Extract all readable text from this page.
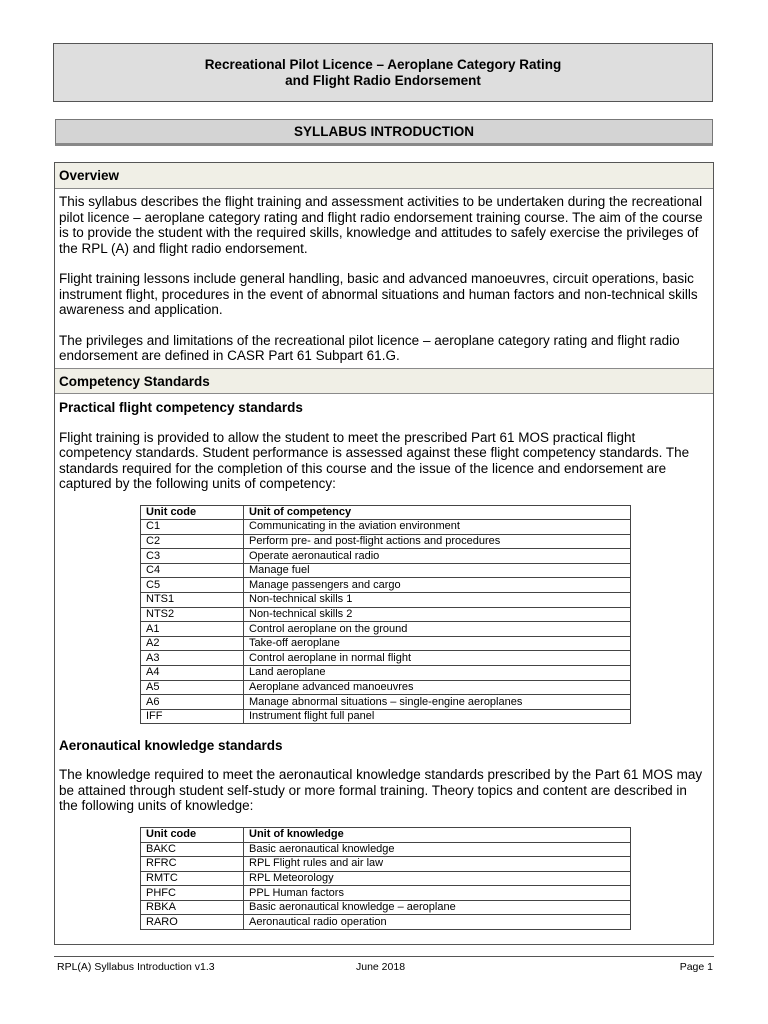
Recreational Pilot Licence – Aeroplane Category Rating
and Flight Radio Endorsement
SYLLABUS INTRODUCTION
Overview

This syllabus describes the flight training and assessment activities to be undertaken during the recreational pilot licence – aeroplane category rating and flight radio endorsement training course. The aim of the course is to provide the student with the required skills, knowledge and attitudes to safely exercise the privileges of the RPL (A) and flight radio endorsement.

Flight training lessons include general handling, basic and advanced manoeuvres, circuit operations, basic instrument flight, procedures in the event of abnormal situations and human factors and non-technical skills awareness and application.

The privileges and limitations of the recreational pilot licence – aeroplane category rating and flight radio endorsement are defined in CASR Part 61 Subpart 61.G.

Competency Standards

Practical flight competency standards

Flight training is provided to allow the student to meet the prescribed Part 61 MOS practical flight competency standards. Student performance is assessed against these flight competency standards. The standards required for the completion of this course and the issue of the licence and endorsement are captured by the following units of competency:

Unit code	Unit of competency
C1	Communicating in the aviation environment
C2	Perform pre- and post-flight actions and procedures
C3	Operate aeronautical radio
C4	Manage fuel
C5	Manage passengers and cargo
NTS1	Non-technical skills 1
NTS2	Non-technical skills 2
A1	Control aeroplane on the ground
A2	Take-off aeroplane
A3	Control aeroplane in normal flight
A4	Land aeroplane
A5	Aeroplane advanced manoeuvres
A6	Manage abnormal situations – single-engine aeroplanes
IFF	Instrument flight full panel

Aeronautical knowledge standards

The knowledge required to meet the aeronautical knowledge standards prescribed by the Part 61 MOS may be attained through student self-study or more formal training. Theory topics and content are described in the following units of knowledge:

Unit code	Unit of knowledge
BAKC	Basic aeronautical knowledge
RFRC	RPL Flight rules and air law
RMTC	RPL Meteorology
PHFC	PPL Human factors
RBKA	Basic aeronautical knowledge – aeroplane
RARO	Aeronautical radio operation
RPL(A) Syllabus Introduction v1.3	June 2018	Page 1
